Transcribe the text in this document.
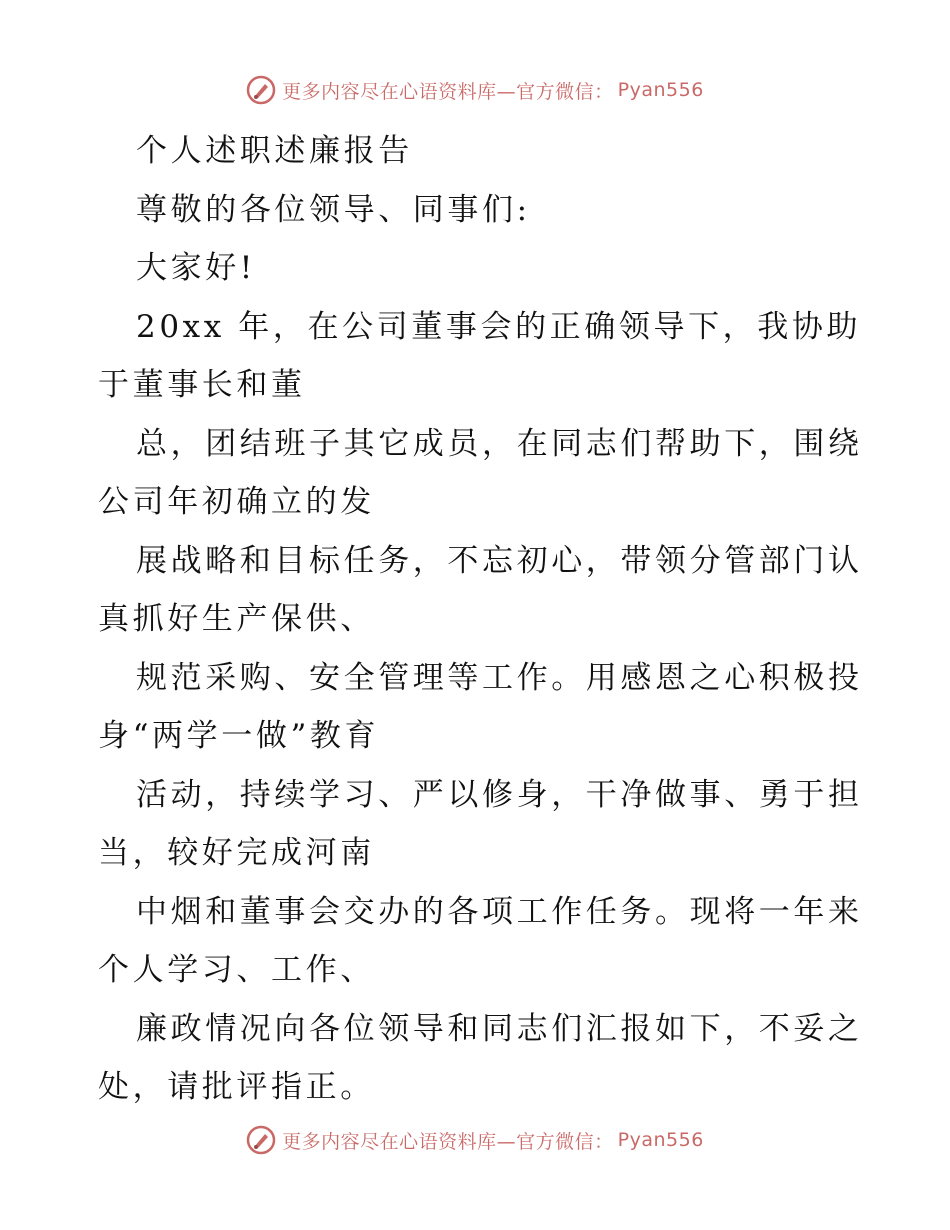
更多内容尽在心语资料库—官方微信： Pyan556

个人述职述廉报告

尊敬的各位领导、同事们:

大家好!

20xx 年，在公司董事会的正确领导下，我协助

于董事长和董

总，团结班子其它成员，在同志们帮助下，围绕

公司年初确立的发

展战略和目标任务，不忘初心，带领分管部门认

真抓好生产保供、

规范采购、安全管理等工作。用感恩之心积极投

身“两学一做”教育

活动，持续学习、严以修身，干净做事、勇于担

当，较好完成河南

中烟和董事会交办的各项工作任务。现将一年来

个人学习、工作、

廉政情况向各位领导和同志们汇报如下，不妥之

处，请批评指正。

更多内容尽在心语资料库—官方微信： Pyan556
